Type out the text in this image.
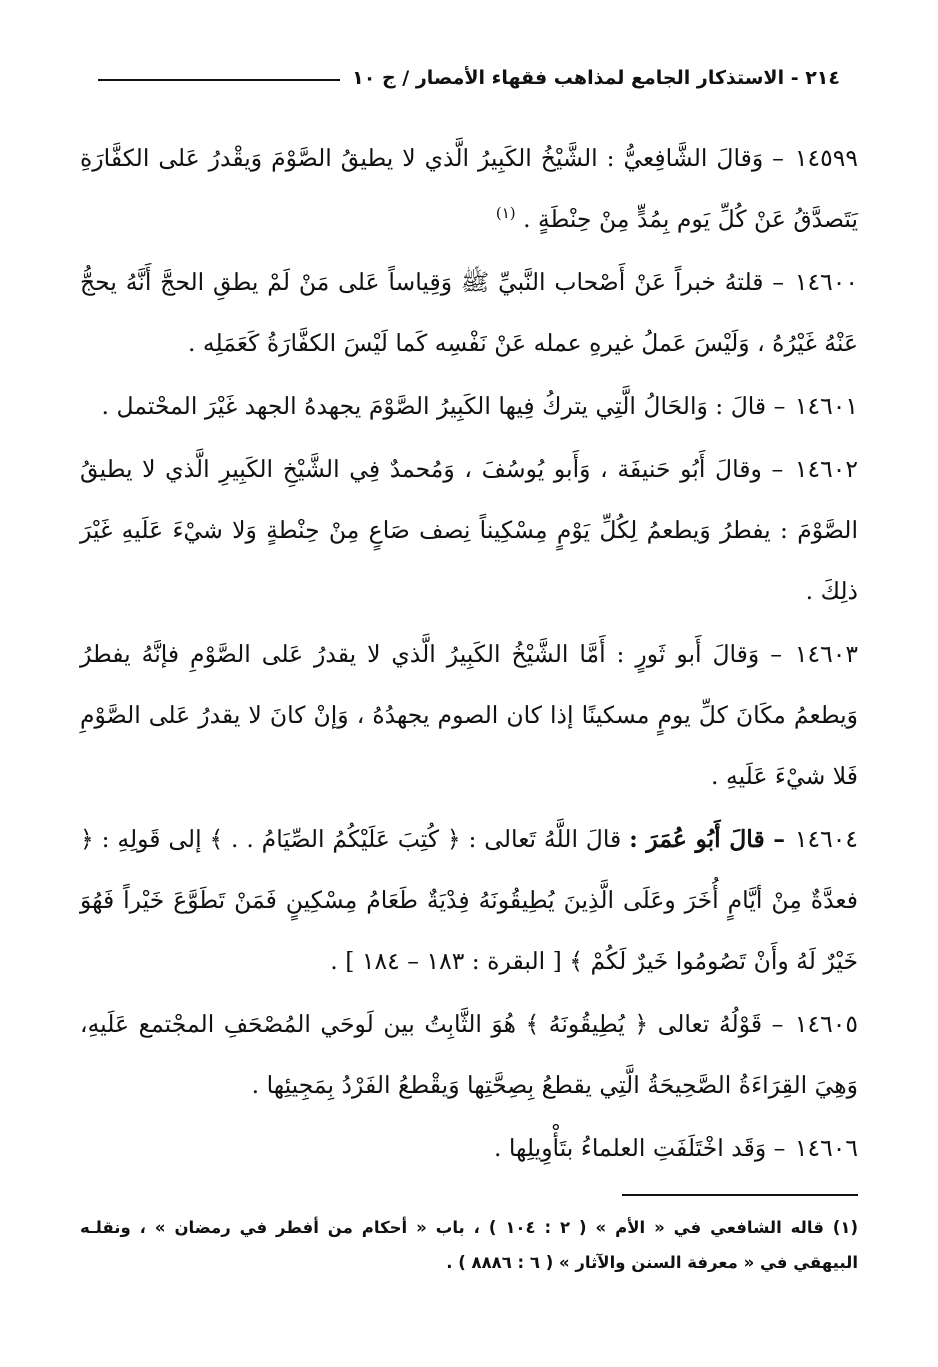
٢١٤ - الاستذكار الجامع لمذاهب فقهاء الأمصار / ج ١٠

١٤٥٩٩ – وَقالَ الشَّافِعيُّ : الشَّيْخُ الكَبِيرُ الَّذي لا يطيقُ الصَّوْمَ وَيقْدرُ عَلى الكفَّارَةِ يَتَصدَّقُ عَنْ كُلِّ يَوم بِمُدٍّ مِنْ حِنْطَةٍ . $^{(١)}$

١٤٦٠٠ – قلتهُ خبراً عَنْ أَصْحاب النَّبيِّ ﷺ وَقِياساً عَلى مَنْ لَمْ يطقِ الحجَّ أَنَّهُ يحجُّ عَنْهُ غَيْرُهُ ، وَلَيْسَ عَملُ غيرهِ عمله عَنْ نَفْسِه كَما لَيْسَ الكفَّارَةُ كَعَمَلِه .

١٤٦٠١ – قالَ : وَالحَالُ الَّتِي يتركُ فِيها الكَبِيرُ الصَّوْمَ يجهدهُ الجهد غَيْرَ المحْتمل .

١٤٦٠٢ – وقالَ أَبُو حَنيفَة ، وَأَبو يُوسُفَ ، وَمُحمدٌ فِي الشَّيْخِ الكَبِيرِ الَّذي لا يطيقُ الصَّوْمَ : يفطرُ وَيطعمُ لِكُلِّ يَوْمٍ مِسْكِيناً نِصف صَاعٍ مِنْ حِنْطةٍ وَلا شيْءَ عَلَيهِ غَيْرَ ذلِكَ .

١٤٦٠٣ – وَقالَ أَبو ثَورٍ : أَمَّا الشَّيْخُ الكَبِيرُ الَّذي لا يقدرُ عَلى الصَّوْمِ فإنَّهُ يفطرُ وَيطعمُ مكَانَ كلِّ يومٍ مسكينًا إذا كان الصوم يجهدُهُ ، وَإنْ كانَ لا يقدرُ عَلى الصَّوْمِ فَلا شيْءَ عَلَيهِ .

١٤٦٠٤ – قالَ أَبُو عُمَرَ : قالَ اللَّهُ تَعالى : ﴿ كُتِبَ عَلَيْكُمُ الصِّيَامُ . . ﴾ إلى قَولِهِ : ﴿ فعدَّةٌ مِنْ أيَّامٍ أُخَرَ وعَلَى الَّذِينَ يُطِيقُونَهُ فِدْيَةٌ طَعَامُ مِسْكِينٍ فَمَنْ تَطَوَّعَ خَيْراً فَهُوَ خَيْرٌ لَهُ وأَنْ تَصُومُوا خَيرٌ لَكُمْ ﴾ [ البقرة : ١٨٣ – ١٨٤ ] .

١٤٦٠٥ – قَوْلُهُ تعالى ﴿ يُطِيقُونَهُ ﴾ هُوَ الثَّابِتُ بين لَوحَي المُصْحَفِ المجْتمع عَلَيهِ، وَهِيَ القِرَاءَةُ الصَّحِيحَةُ الَّتِي يقطعُ بِصِحَّتِها وَيقْطعُ الفَرْدُ بِمَجِيئِها .

١٤٦٠٦ – وَقَد اخْتَلَفَتِ العلماءُ بتَأْوِيلِها .

(١) قاله الشافعي في « الأم » ( ٢ : ١٠٤ ) ، باب « أحكام من أفطر في رمضان » ، ونقلـه البيهقي في « معرفة السنن والآثار » ( ٦ : ٨٨٨٦ ) .
